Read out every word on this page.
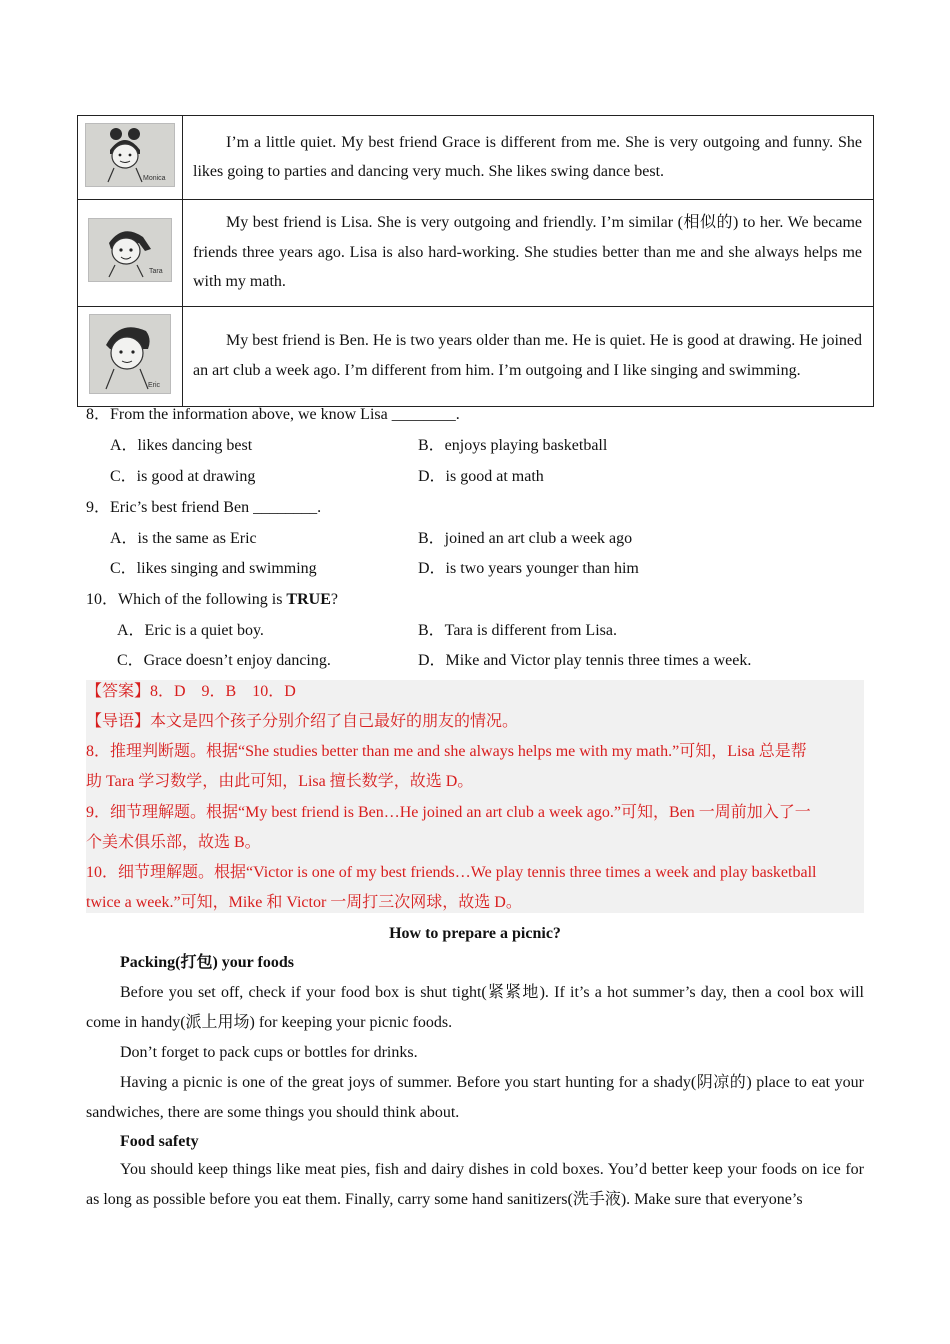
Monica	I’m a little quiet. My best friend Grace is different from me. She is very outgoing and funny. She likes going to parties and dancing very much. She likes swing dance best.

Tara	My best friend is Lisa. She is very outgoing and friendly. I’m similar (相似的) to her. We became friends three years ago. Lisa is also hard-working. She studies better than me and she always helps me with my math.

Eric	My best friend is Ben. He is two years older than me. He is quiet. He is good at drawing. He joined an art club a week ago. I’m different from him. I’m outgoing and I like singing and swimming.

8．From the information above, we know Lisa ________.
A．likes dancing best	B．enjoys playing basketball
C．is good at drawing	D．is good at math
9．Eric’s best friend Ben ________.
A．is the same as Eric	B．joined an art club a week ago
C．likes singing and swimming	D．is two years younger than him
10．Which of the following is TRUE?
A．Eric is a quiet boy.	B．Tara is different from Lisa.
C．Grace doesn’t enjoy dancing.	D．Mike and Victor play tennis three times a week.
【答案】8．D　9．B　10．D
【导语】本文是四个孩子分别介绍了自己最好的朋友的情况。
8．推理判断题。根据“She studies better than me and she always helps me with my math.”可知，Lisa 总是帮
助 Tara 学习数学，由此可知，Lisa 擅长数学，故选 D。
9．细节理解题。根据“My best friend is Ben…He joined an art club a week ago.”可知，Ben 一周前加入了一
个美术俱乐部，故选 B。
10．细节理解题。根据“Victor is one of my best friends…We play tennis three times a week and play basketball
twice a week.”可知，Mike 和 Victor 一周打三次网球，故选 D。
How to prepare a picnic?
Packing(打包) your foods
Before you set off, check if your food box is shut tight(紧紧地). If it’s a hot summer’s day, then a cool box will come in handy(派上用场) for keeping your picnic foods.
Don’t forget to pack cups or bottles for drinks.
Having a picnic is one of the great joys of summer. Before you start hunting for a shady(阴凉的) place to eat your sandwiches, there are some things you should think about.
Food safety
You should keep things like meat pies, fish and dairy dishes in cold boxes. You’d better keep your foods on ice for as long as possible before you eat them. Finally, carry some hand sanitizers(洗手液). Make sure that everyone’s
